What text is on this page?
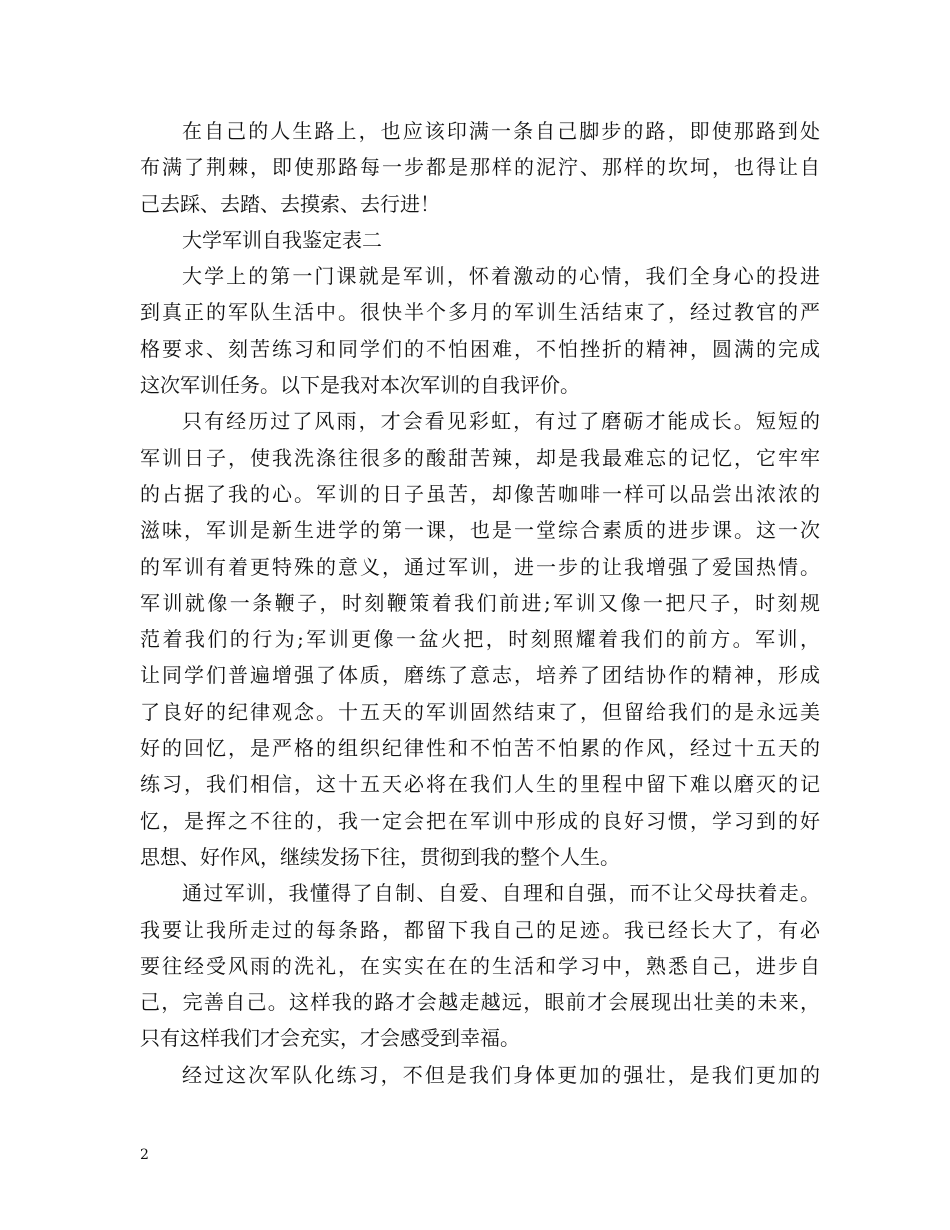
在自己的人生路上，也应该印满一条自己脚步的路，即使那路到处
布满了荆棘，即使那路每一步都是那样的泥泞、那样的坎坷，也得让自
己去踩、去踏、去摸索、去行进！
大学军训自我鉴定表二
大学上的第一门课就是军训，怀着激动的心情，我们全身心的投进
到真正的军队生活中。很快半个多月的军训生活结束了，经过教官的严
格要求、刻苦练习和同学们的不怕困难，不怕挫折的精神，圆满的完成
这次军训任务。以下是我对本次军训的自我评价。
只有经历过了风雨，才会看见彩虹，有过了磨砺才能成长。短短的
军训日子，使我洗涤往很多的酸甜苦辣，却是我最难忘的记忆，它牢牢
的占据了我的心。军训的日子虽苦，却像苦咖啡一样可以品尝出浓浓的
滋味，军训是新生进学的第一课，也是一堂综合素质的进步课。这一次
的军训有着更特殊的意义，通过军训，进一步的让我增强了爱国热情。
军训就像一条鞭子，时刻鞭策着我们前进;军训又像一把尺子，时刻规
范着我们的行为;军训更像一盆火把，时刻照耀着我们的前方。军训，
让同学们普遍增强了体质，磨练了意志，培养了团结协作的精神，形成
了良好的纪律观念。十五天的军训固然结束了，但留给我们的是永远美
好的回忆，是严格的组织纪律性和不怕苦不怕累的作风，经过十五天的
练习，我们相信，这十五天必将在我们人生的里程中留下难以磨灭的记
忆，是挥之不往的，我一定会把在军训中形成的良好习惯，学习到的好
思想、好作风，继续发扬下往，贯彻到我的整个人生。
通过军训，我懂得了自制、自爱、自理和自强，而不让父母扶着走。
我要让我所走过的每条路，都留下我自己的足迹。我已经长大了，有必
要往经受风雨的洗礼，在实实在在的生活和学习中，熟悉自己，进步自
己，完善自己。这样我的路才会越走越远，眼前才会展现出壮美的未来，
只有这样我们才会充实，才会感受到幸福。
经过这次军队化练习，不但是我们身体更加的强壮，是我们更加的
2
